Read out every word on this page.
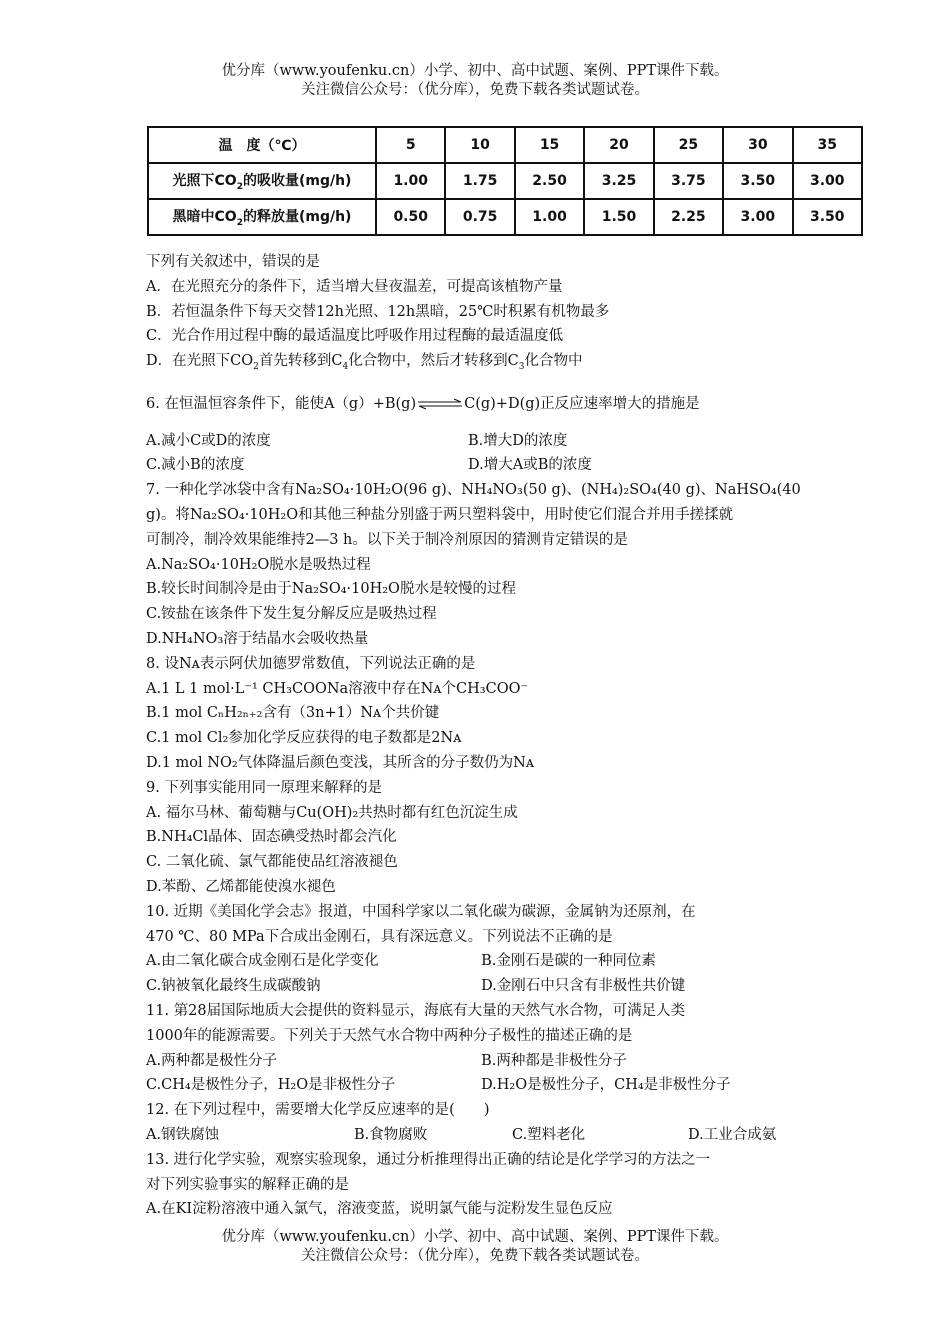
优分库（www.youfenku.cn）小学、初中、高中试题、案例、PPT课件下载。
关注微信公众号：（优分库），免费下载各类试题试卷。
温　度（℃）	5	10	15	20	25	30	35
光照下$CO_2$的吸收量(mg/h)	1.00	1.75	2.50	3.25	3.75	3.50	3.00
黑暗中$CO_2$的释放量(mg/h)	0.50	0.75	1.00	1.50	2.25	3.00	3.50
下列有关叙述中，错误的是
A．在光照充分的条件下，适当增大昼夜温差，可提高该植物产量
B．若恒温条件下每天交替12h光照、12h黑暗，25℃时积累有机物最多
C．光合作用过程中酶的最适温度比呼吸作用过程酶的最适温度低
D．在光照下$CO_2$首先转移到$C_4$化合物中，然后才转移到$C_3$化合物中
6. 在恒温恒容条件下，能使A（g）+B(g)⇌C(g)+D(g)正反应速率增大的措施是
A.减小C或D的浓度	B.增大D的浓度
C.减小B的浓度	D.增大A或B的浓度
7. 一种化学冰袋中含有Na₂SO₄·10H₂O(96 g)、NH₄NO₃(50 g)、(NH₄)₂SO₄(40 g)、NaHSO₄(40
g)。将Na₂SO₄·10H₂O和其他三种盐分别盛于两只塑料袋中，用时使它们混合并用手搓揉就
可制冷，制冷效果能维持2—3 h。以下关于制冷剂原因的猜测肯定错误的是
A.Na₂SO₄·10H₂O脱水是吸热过程
B.较长时间制冷是由于Na₂SO₄·10H₂O脱水是较慢的过程
C.铵盐在该条件下发生复分解反应是吸热过程
D.NH₄NO₃溶于结晶水会吸收热量
8. 设Nᴀ表示阿伏加德罗常数值，下列说法正确的是
A.1 L 1 mol·L⁻¹ CH₃COONa溶液中存在Nᴀ个CH₃COO⁻
B.1 mol CₙH₂ₙ₊₂含有（3n+1）Nᴀ个共价键
C.1 mol Cl₂参加化学反应获得的电子数都是2Nᴀ
D.1 mol NO₂气体降温后颜色变浅，其所含的分子数仍为Nᴀ
9. 下列事实能用同一原理来解释的是
A. 福尔马林、葡萄糖与Cu(OH)₂共热时都有红色沉淀生成
B.NH₄Cl晶体、固态碘受热时都会汽化
C. 二氧化硫、氯气都能使品红溶液褪色
D.苯酚、乙烯都能使溴水褪色
10. 近期《美国化学会志》报道，中国科学家以二氧化碳为碳源，金属钠为还原剂，在
470 ℃、80 MPa下合成出金刚石，具有深远意义。下列说法不正确的是
A.由二氧化碳合成金刚石是化学变化	B.金刚石是碳的一种同位素
C.钠被氧化最终生成碳酸钠	D.金刚石中只含有非极性共价键
11. 第28届国际地质大会提供的资料显示，海底有大量的天然气水合物，可满足人类
1000年的能源需要。下列关于天然气水合物中两种分子极性的描述正确的是
A.两种都是极性分子	B.两种都是非极性分子
C.CH₄是极性分子，H₂O是非极性分子	D.H₂O是极性分子，CH₄是非极性分子
12. 在下列过程中，需要增大化学反应速率的是(　　)
A.钢铁腐蚀	B.食物腐败	C.塑料老化	D.工业合成氨
13. 进行化学实验，观察实验现象，通过分析推理得出正确的结论是化学学习的方法之一
对下列实验事实的解释正确的是
A.在KI淀粉溶液中通入氯气，溶液变蓝，说明氯气能与淀粉发生显色反应
优分库（www.youfenku.cn）小学、初中、高中试题、案例、PPT课件下载。
关注微信公众号：（优分库），免费下载各类试题试卷。
